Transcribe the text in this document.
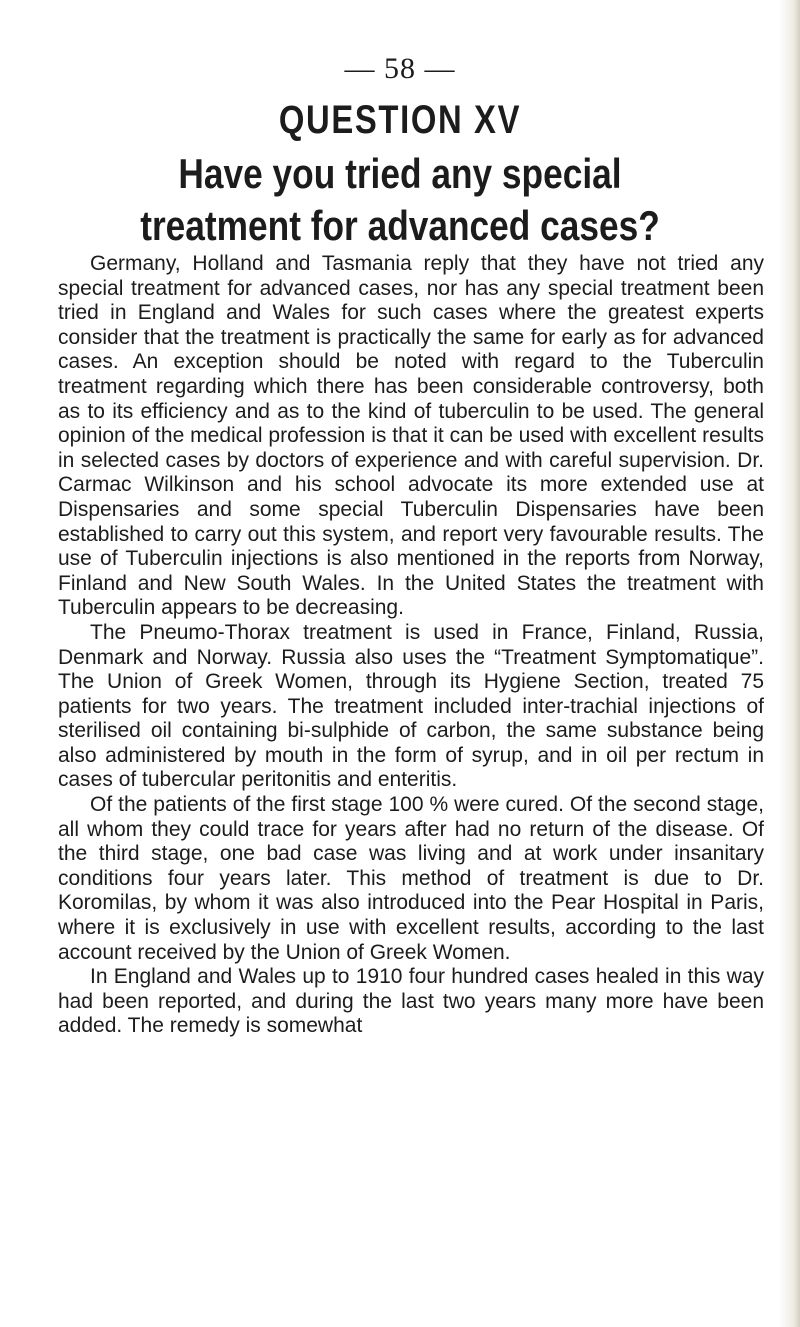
— 58 —
QUESTION XV
Have you tried any special treatment for advanced cases?

Germany, Holland and Tasmania reply that they have not tried any special treatment for advanced cases, nor has any special treatment been tried in England and Wales for such cases where the greatest experts consider that the treatment is practically the same for early as for advanced cases. An exception should be noted with regard to the Tuberculin treatment regarding which there has been considerable controversy, both as to its efficiency and as to the kind of tuberculin to be used. The general opinion of the medical profession is that it can be used with excellent results in selected cases by doctors of experience and with careful supervision. Dr. Carmac Wilkinson and his school advocate its more extended use at Dispensaries and some special Tuberculin Dispensaries have been established to carry out this system, and report very favourable results. The use of Tuberculin injections is also mentioned in the reports from Norway, Finland and New South Wales. In the United States the treatment with Tuberculin appears to be decreasing.

The Pneumo-Thorax treatment is used in France, Finland, Russia, Denmark and Norway. Russia also uses the “Treatment Symptomatique”. The Union of Greek Women, through its Hygiene Section, treated 75 patients for two years. The treatment included inter-trachial injections of sterilised oil containing bi-sulphide of carbon, the same substance being also administered by mouth in the form of syrup, and in oil per rectum in cases of tubercular peritonitis and enteritis.

Of the patients of the first stage 100 % were cured. Of the second stage, all whom they could trace for years after had no return of the disease. Of the third stage, one bad case was living and at work under insanitary conditions four years later. This method of treatment is due to Dr. Koromilas, by whom it was also introduced into the Pear Hospital in Paris, where it is exclusively in use with excellent results, according to the last account received by the Union of Greek Women.

In England and Wales up to 1910 four hundred cases healed in this way had been reported, and during the last two years many more have been added. The remedy is somewhat
